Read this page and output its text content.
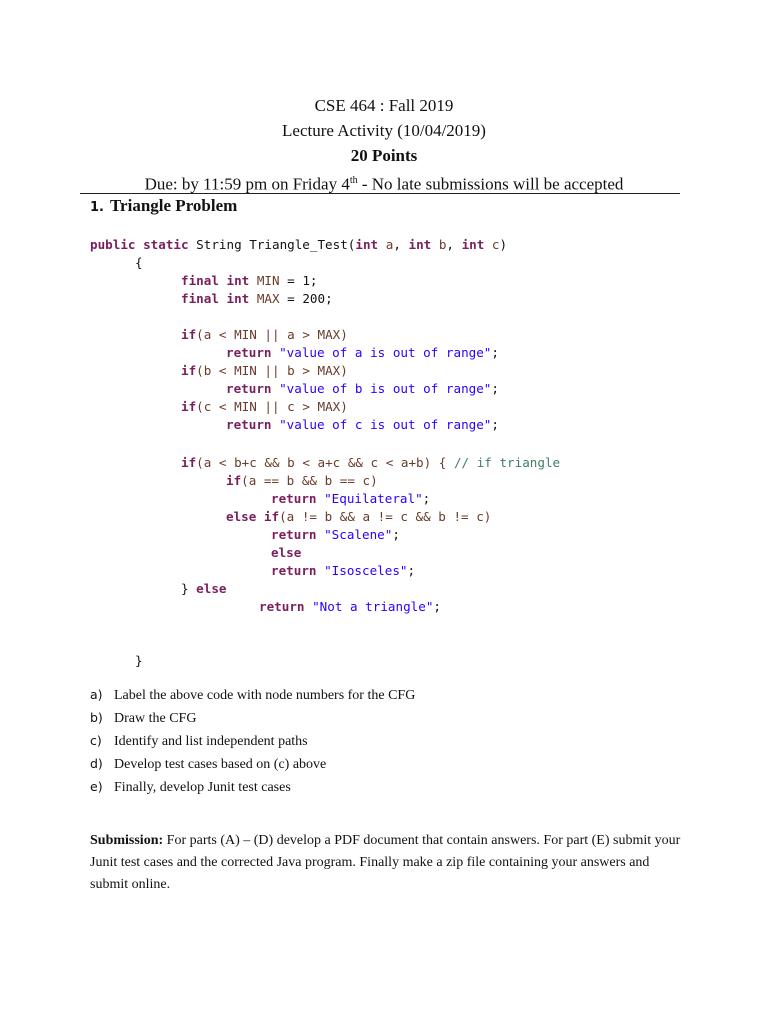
CSE 464 : Fall 2019
Lecture Activity (10/04/2019)
20 Points
Due: by 11:59 pm on Friday 4th - No late submissions will be accepted
1. Triangle Problem

public static String Triangle_Test(int a, int b, int c)

{

final int MIN = 1;

final int MAX = 200;

if(a < MIN || a > MAX)

return "value of a is out of range";

if(b < MIN || b > MAX)

return "value of b is out of range";

if(c < MIN || c > MAX)

return "value of c is out of range";

if(a < b+c && b < a+c && c < a+b) { // if triangle

if(a == b && b == c)

return "Equilateral";

else if(a != b && a != c && b != c)

return "Scalene";

else

return "Isosceles";

} else

return "Not a triangle";

}

a) Label the above code with node numbers for the CFG
b) Draw the CFG
c) Identify and list independent paths
d) Develop test cases based on (c) above
e) Finally, develop Junit test cases
Submission: For parts (A) – (D) develop a PDF document that contain answers. For part (E) submit your Junit test cases and the corrected Java program. Finally make a zip file containing your answers and submit online.
